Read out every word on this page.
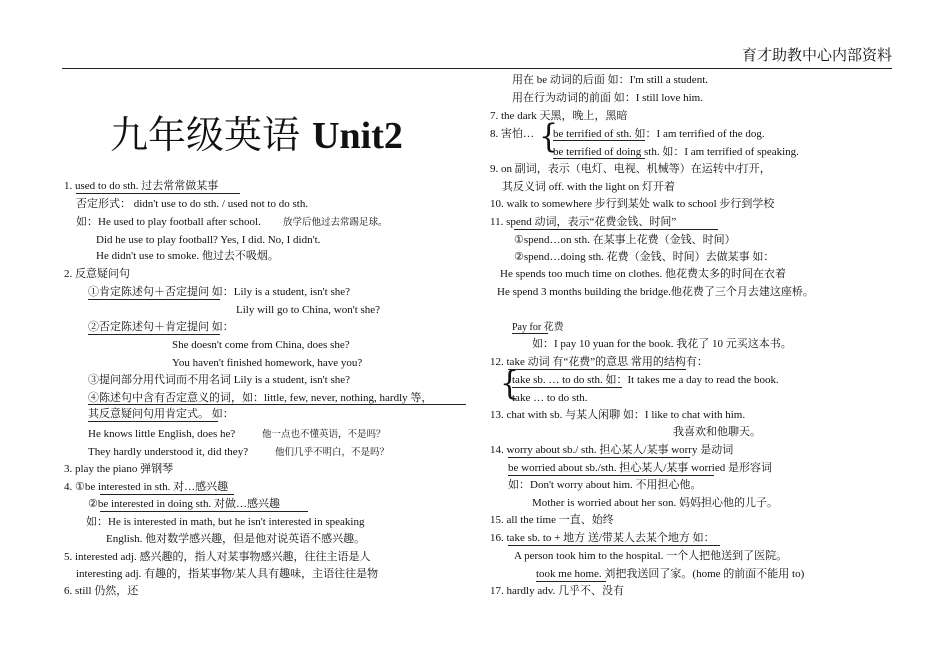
育才助教中心内部资料
九年级英语 Unit2
1. used to do sth. 过去常常做某事
否定形式： didn't use to do sth. / used not to do sth.
如：He used to play football after school. 放学后他过去常踢足球。
Did he use to play football? Yes, I did. No, I didn't.
He didn't use to smoke. 他过去不吸烟。
2. 反意疑问句
①肯定陈述句＋否定提问 如：Lily is a student, isn't she?
Lily will go to China, won't she?
②否定陈述句＋肯定提问 如：
She doesn't come from China, does she?
You haven't finished homework, have you?
③提问部分用代词而不用名词 Lily is a student, isn't she?
④陈述句中含有否定意义的词，如：little, few, never, nothing, hardly 等，
其反意疑问句用肯定式。 如：
He knows little English, does he?	他一点也不懂英语，不是吗？
They hardly understood it, did they?	他们几乎不明白，不是吗？
3. play the piano 弹钢琴
4. ①be interested in sth. 对…感兴趣
②be interested in doing sth. 对做…感兴趣
如：He is interested in math, but he isn't interested in speaking
English. 他对数学感兴趣，但是他对说英语不感兴趣。
5. interested adj. 感兴趣的，指人对某事物感兴趣，往往主语是人
interesting adj. 有趣的，指某事物/某人具有趣味，主语往往是物
6. still 仍然，还
用在 be 动词的后面 如：I'm still a student.
用在行为动词的前面 如：I still love him.
7. the dark 天黑，晚上，黑暗
8. 害怕… {
be terrified of sth. 如：I am terrified of the dog.
be terrified of doing sth. 如：I am terrified of speaking.
9. on 副词，表示（电灯、电视、机械等）在运转中/打开，
其反义词 off. with the light on 灯开着
10. walk to somewhere 步行到某处 walk to school 步行到学校
11. spend 动词，表示“花费金钱、时间”
①spend…on sth. 在某事上花费（金钱、时间）
②spend…doing sth. 花费（金钱、时间）去做某事 如：
He spends too much time on clothes. 他花费太多的时间在衣着
He spend 3 months building the bridge.他花费了三个月去建这座桥。
Pay for 花费
如：I pay 10 yuan for the book. 我花了 10 元买这本书。
12. take 动词 有“花费”的意思 常用的结构有：
{
take sb. … to do sth. 如：It takes me a day to read the book.
take … to do sth.
13. chat with sb. 与某人闲聊 如：I like to chat with him.
我喜欢和他聊天。
14. worry about sb./ sth. 担心某人/某事 worry 是动词
be worried about sb./sth. 担心某人/某事 worried 是形容词
如：Don't worry about him. 不用担心他。
Mother is worried about her son. 妈妈担心他的儿子。
15. all the time 一直、始终
16. take sb. to + 地方 送/带某人去某个地方 如：
A person took him to the hospital. 一个人把他送到了医院。
took me home. 刘把我送回了家。(home 的前面不能用 to)
17. hardly adv. 几乎不、没有
